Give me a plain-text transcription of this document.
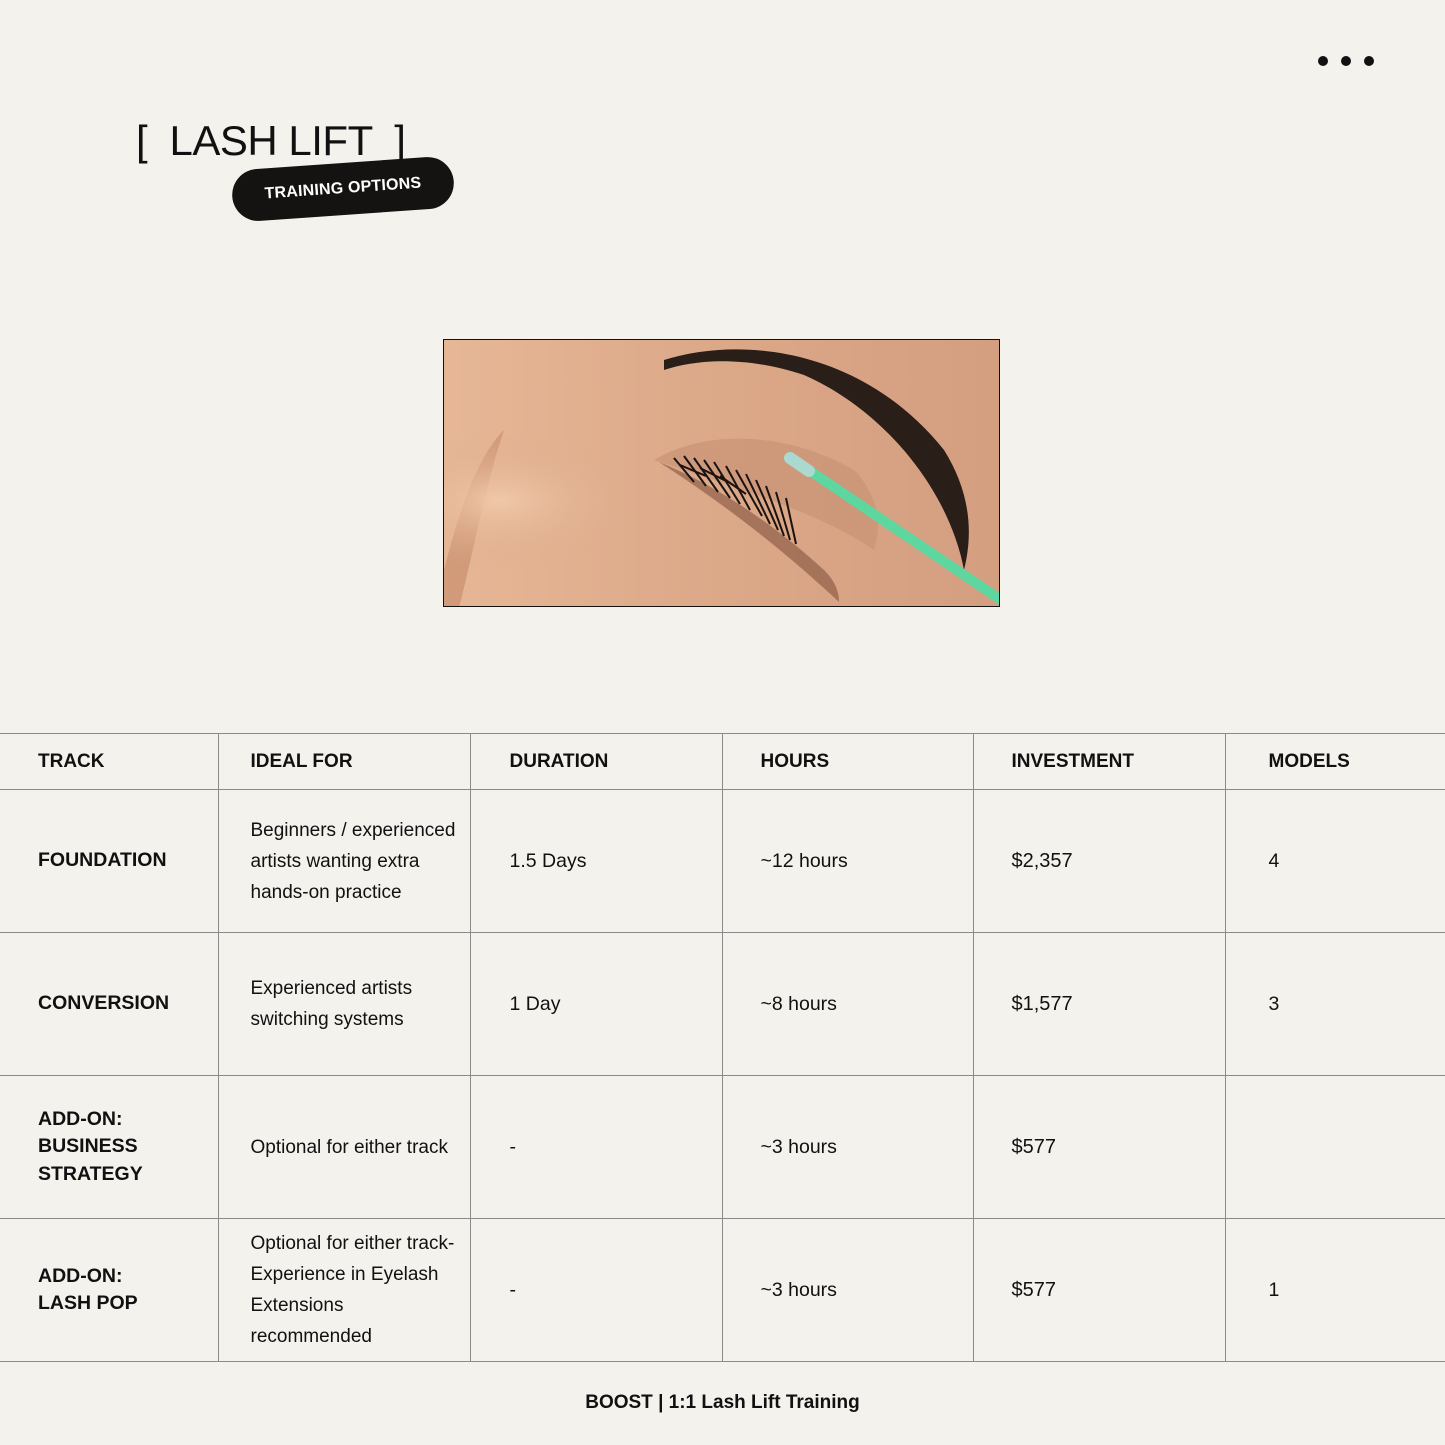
[  LASH LIFT  ]
TRAINING OPTIONS
TRACK	IDEAL FOR	DURATION	HOURS	INVESTMENT	MODELS
FOUNDATION	Beginners / experienced artists wanting extra hands-on practice	1.5 Days	~12 hours	$2,357	4
CONVERSION	Experienced artists switching systems	1 Day	~8 hours	$1,577	3
ADD-ON: BUSINESS STRATEGY	Optional for either track	-	~3 hours	$577	
ADD-ON: LASH POP	Optional for either track- Experience in Eyelash Extensions recommended	-	~3 hours	$577	1
BOOST | 1:1 Lash Lift Training
